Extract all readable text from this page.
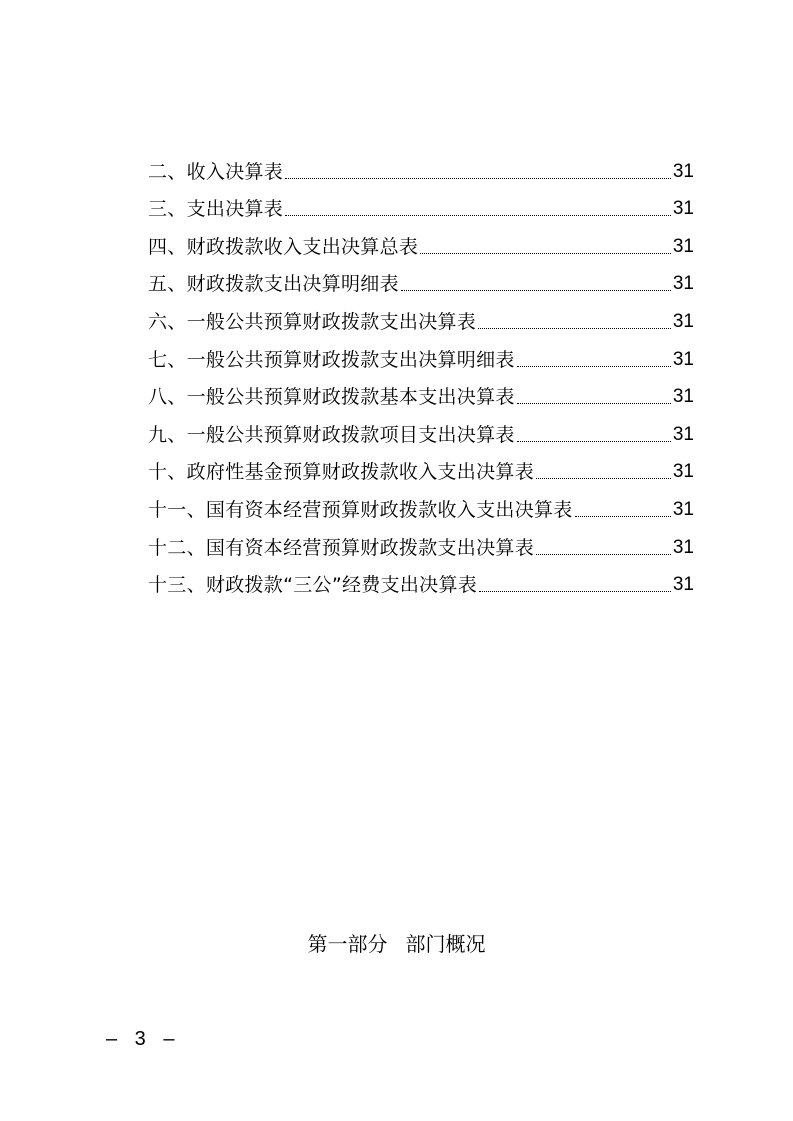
二、收入决算表	31
三、支出决算表	31
四、财政拨款收入支出决算总表	31
五、财政拨款支出决算明细表	31
六、一般公共预算财政拨款支出决算表	31
七、一般公共预算财政拨款支出决算明细表	31
八、一般公共预算财政拨款基本支出决算表	31
九、一般公共预算财政拨款项目支出决算表	31
十、政府性基金预算财政拨款收入支出决算表	31
十一、国有资本经营预算财政拨款收入支出决算表	31
十二、国有资本经营预算财政拨款支出决算表	31
十三、财政拨款“三公”经费支出决算表	31
第一部分 部门概况
– 3 –
